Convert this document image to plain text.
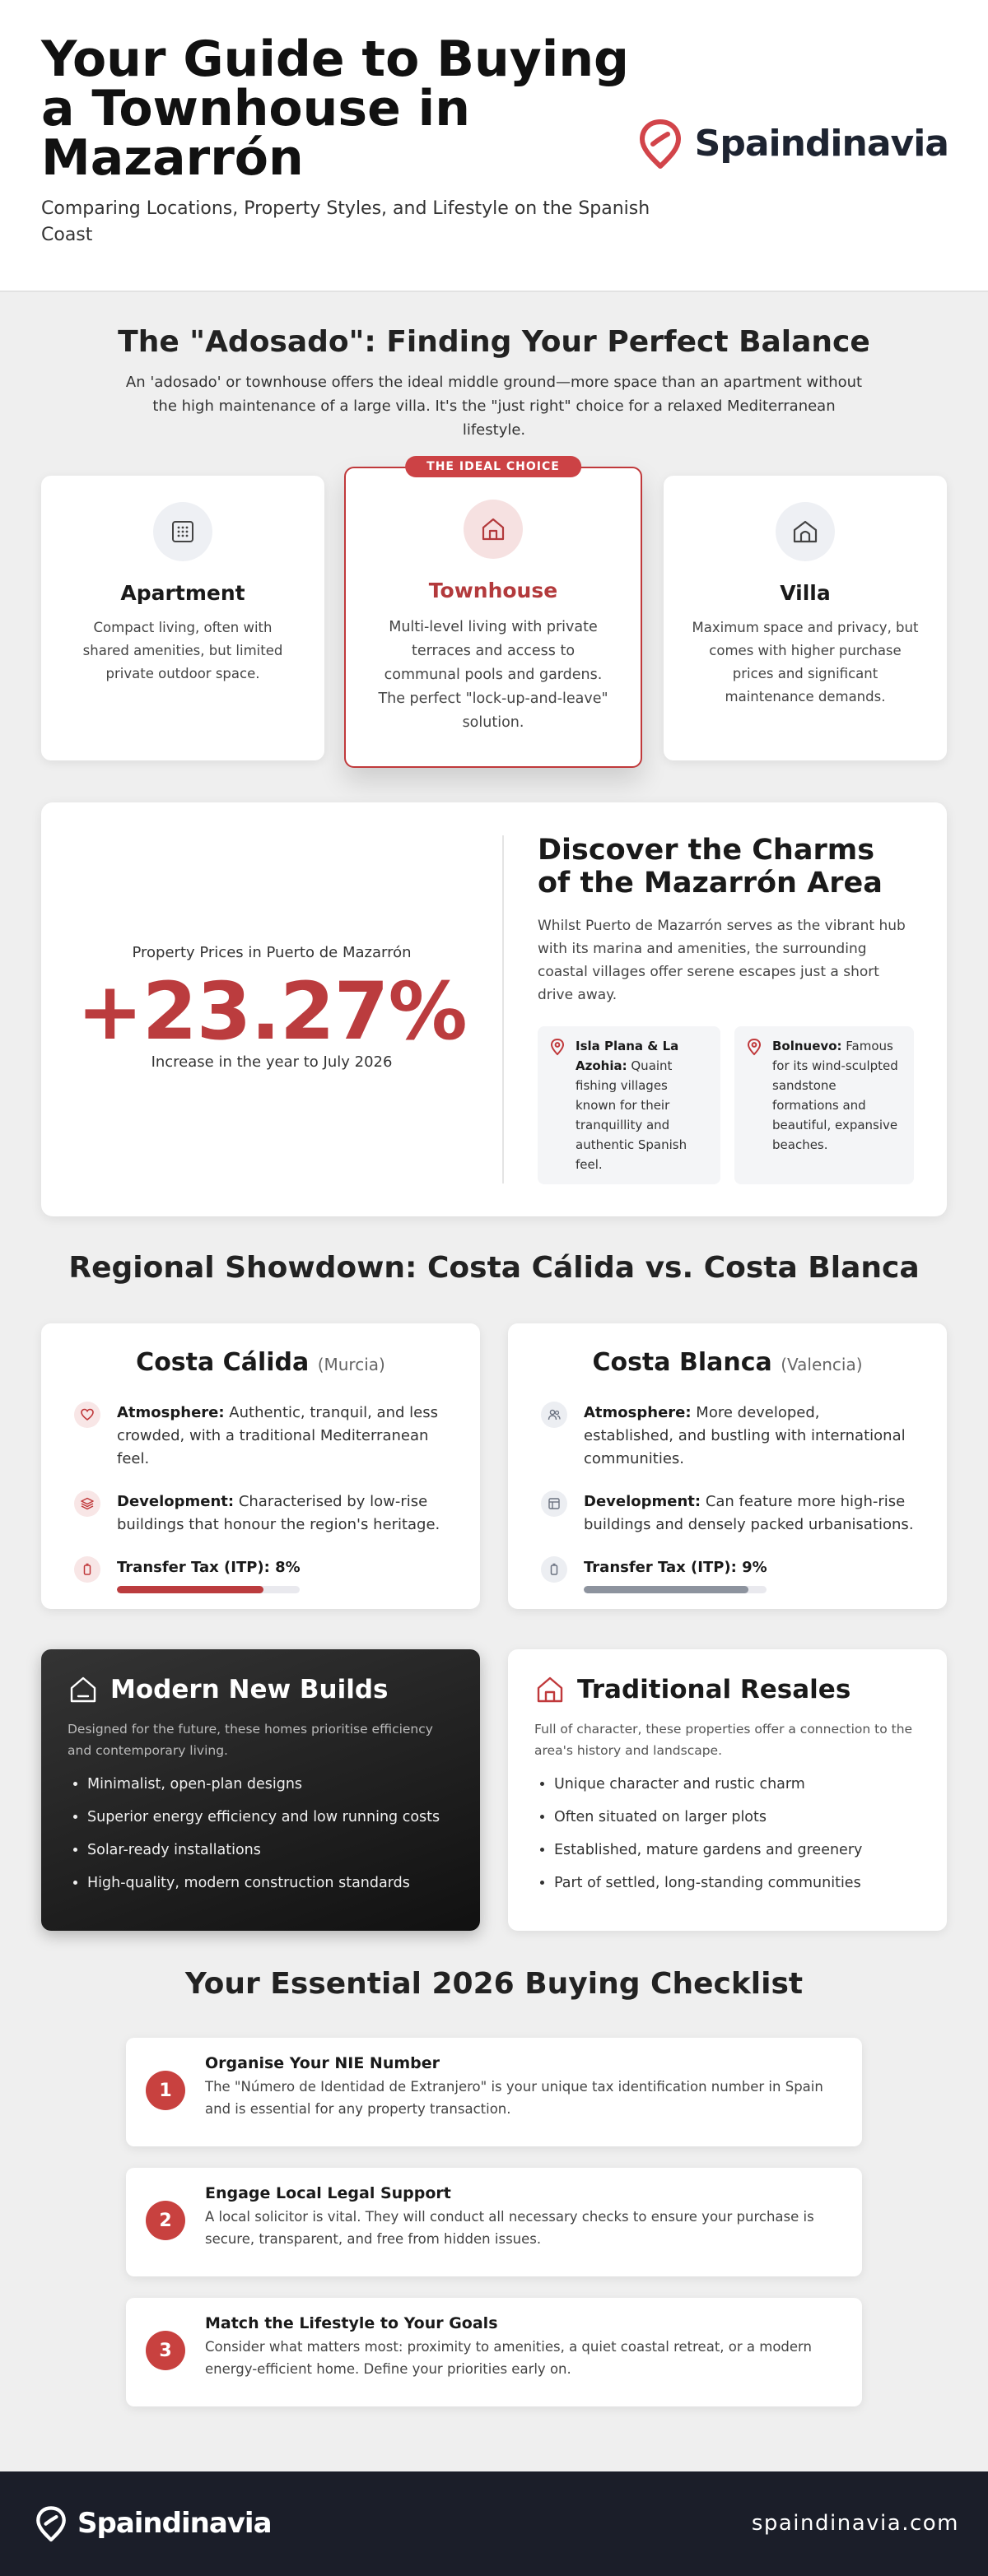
Your Guide to Buying a Townhouse in Mazarrón

Comparing Locations, Property Styles, and Lifestyle on the Spanish Coast

Spaindinavia
The "Adosado": Finding Your Perfect Balance

An 'adosado' or townhouse offers the ideal middle ground—more space than an apartment without the high maintenance of a large villa. It's the "just right" choice for a relaxed Mediterranean lifestyle.

Apartment

Compact living, often with shared amenities, but limited private outdoor space.

THE IDEAL CHOICE
Townhouse

Multi-level living with private terraces and access to communal pools and gardens. The perfect "lock-up-and-leave" solution.

Villa

Maximum space and privacy, but comes with higher purchase prices and significant maintenance demands.

Property Prices in Puerto de Mazarrón
+23.27%
Increase in the year to July 2026
Discover the Charms of the Mazarrón Area

Whilst Puerto de Mazarrón serves as the vibrant hub with its marina and amenities, the surrounding coastal villages offer serene escapes just a short drive away.

Isla Plana & La Azohia: Quaint fishing villages known for their tranquillity and authentic Spanish feel.
Bolnuevo: Famous for its wind-sculpted sandstone formations and beautiful, expansive beaches.
Regional Showdown: Costa Cálida vs. Costa Blanca
Costa Cálida (Murcia)
Atmosphere: Authentic, tranquil, and less crowded, with a traditional Mediterranean feel.
Development: Characterised by low-rise buildings that honour the region's heritage.
Transfer Tax (ITP): 8%
Costa Blanca (Valencia)
Atmosphere: More developed, established, and bustling with international communities.
Development: Can feature more high-rise buildings and densely packed urbanisations.
Transfer Tax (ITP): 9%
Modern New Builds

Designed for the future, these homes prioritise efficiency and contemporary living.

• Minimalist, open-plan designs
• Superior energy efficiency and low running costs
• Solar-ready installations
• High-quality, modern construction standards
Traditional Resales

Full of character, these properties offer a connection to the area's history and landscape.

• Unique character and rustic charm
• Often situated on larger plots
• Established, mature gardens and greenery
• Part of settled, long-standing communities
Your Essential 2026 Buying Checklist
1
Organise Your NIE Number

The "Número de Identidad de Extranjero" is your unique tax identification number in Spain and is essential for any property transaction.

2
Engage Local Legal Support

A local solicitor is vital. They will conduct all necessary checks to ensure your purchase is secure, transparent, and free from hidden issues.

3
Match the Lifestyle to Your Goals

Consider what matters most: proximity to amenities, a quiet coastal retreat, or a modern energy-efficient home. Define your priorities early on.

Spaindinavia	spaindinavia.com
